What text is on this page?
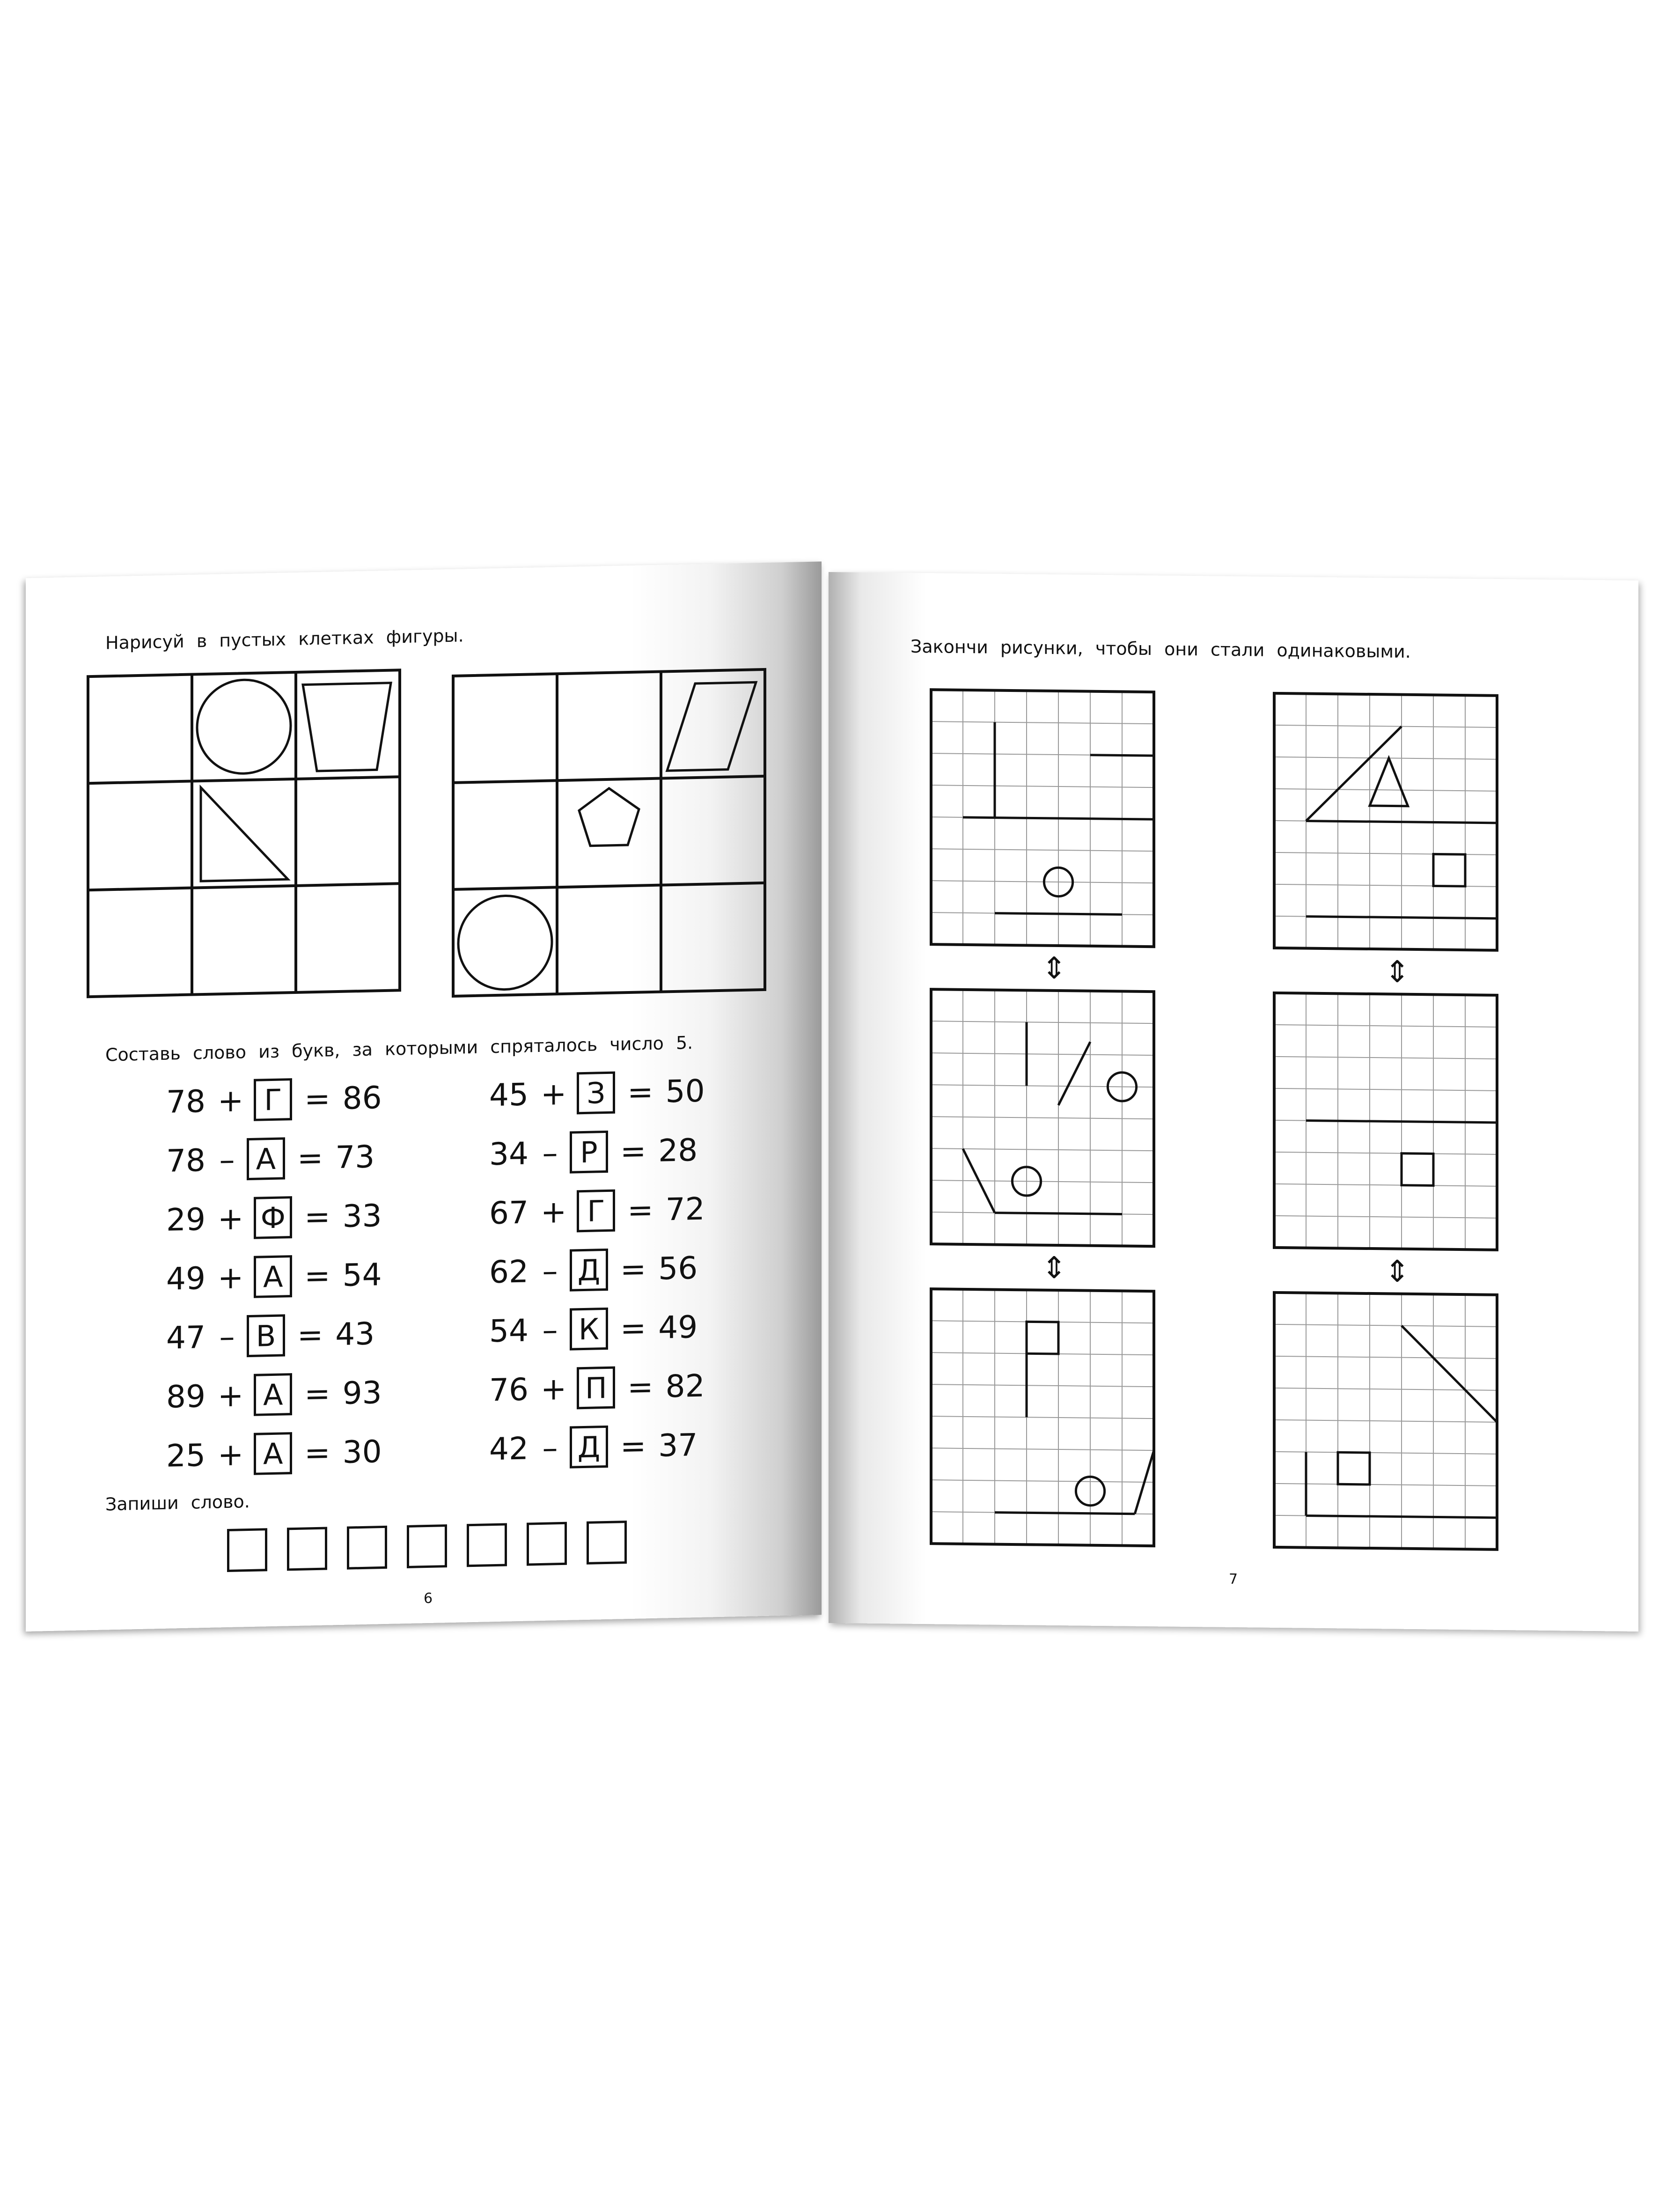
Нарисуй в пустых клетках фигуры.
Составь слово из букв, за которыми спряталось число 5.
78 + Г = 86
78 – А = 73
29 + Ф = 33
49 + А = 54
47 – В = 43
89 + А = 93
25 + А = 30
45 + З = 50
34 – Р = 28
67 + Г = 72
62 – Д = 56
54 – К = 49
76 + П = 82
42 – Д = 37
Запиши слово.
6
Закончи рисунки, чтобы они стали одинаковыми.
⇕	⇕
⇕	⇕
7
